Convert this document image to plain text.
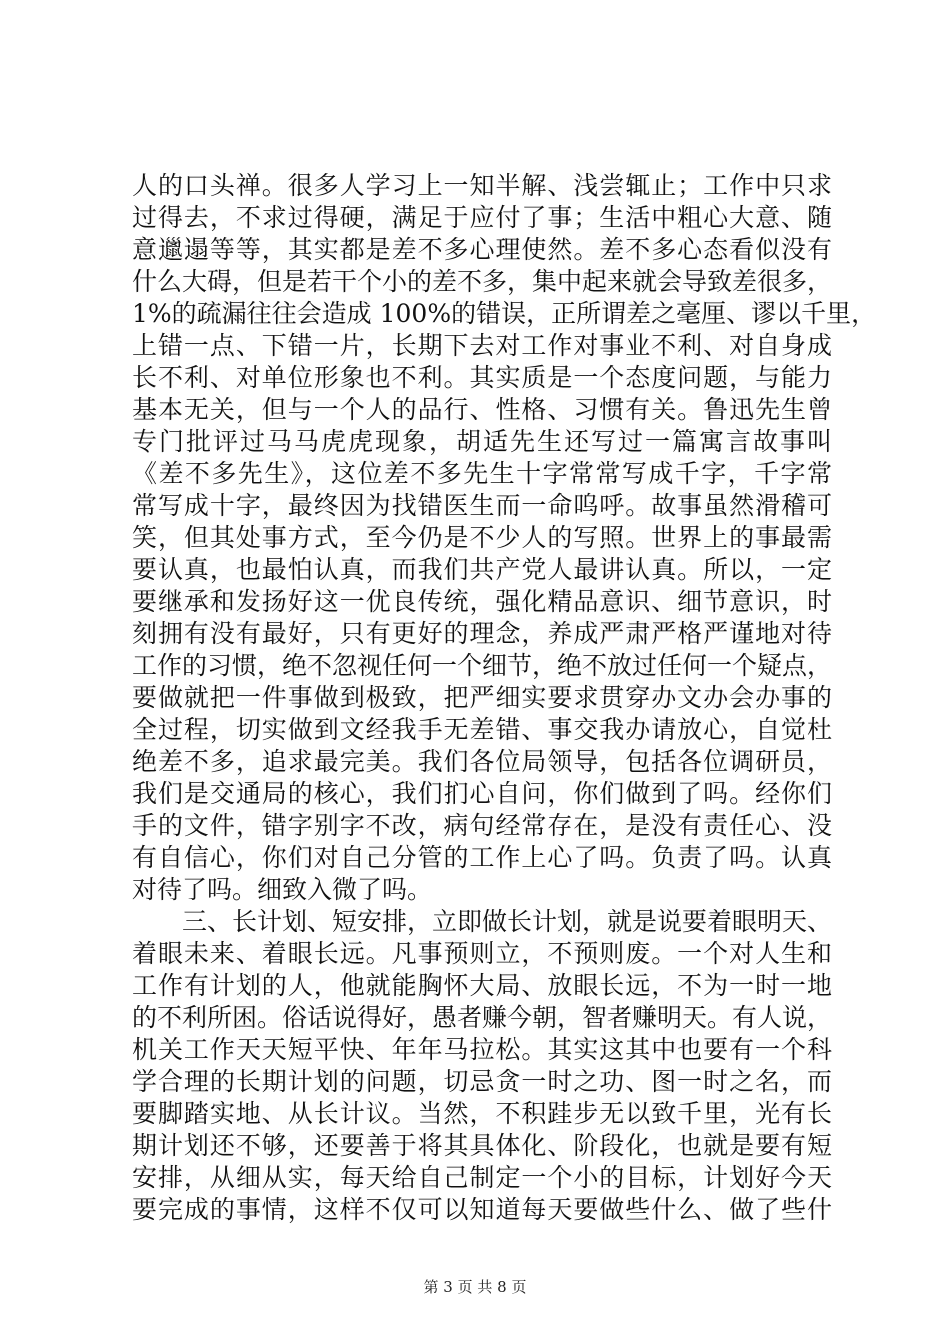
人的口头禅。很多人学习上一知半解、浅尝辄止；工作中只求
过得去，不求过得硬，满足于应付了事；生活中粗心大意、随
意邋遢等等，其实都是差不多心理使然。差不多心态看似没有
什么大碍，但是若干个小的差不多，集中起来就会导致差很多，
1%的疏漏往往会造成 100%的错误，正所谓差之毫厘、谬以千里，
上错一点、下错一片，长期下去对工作对事业不利、对自身成
长不利、对单位形象也不利。其实质是一个态度问题，与能力
基本无关，但与一个人的品行、性格、习惯有关。鲁迅先生曾
专门批评过马马虎虎现象，胡适先生还写过一篇寓言故事叫
《差不多先生》，这位差不多先生十字常常写成千字，千字常
常写成十字，最终因为找错医生而一命呜呼。故事虽然滑稽可
笑，但其处事方式，至今仍是不少人的写照。世界上的事最需
要认真，也最怕认真，而我们共产党人最讲认真。所以，一定
要继承和发扬好这一优良传统，强化精品意识、细节意识，时
刻拥有没有最好，只有更好的理念，养成严肃严格严谨地对待
工作的习惯，绝不忽视任何一个细节，绝不放过任何一个疑点，
要做就把一件事做到极致，把严细实要求贯穿办文办会办事的
全过程，切实做到文经我手无差错、事交我办请放心，自觉杜
绝差不多，追求最完美。我们各位局领导，包括各位调研员，
我们是交通局的核心，我们扪心自问，你们做到了吗。经你们
手的文件，错字别字不改，病句经常存在，是没有责任心、没
有自信心，你们对自己分管的工作上心了吗。负责了吗。认真
对待了吗。细致入微了吗。
　　三、长计划、短安排，立即做长计划，就是说要着眼明天、
着眼未来、着眼长远。凡事预则立，不预则废。一个对人生和
工作有计划的人，他就能胸怀大局、放眼长远，不为一时一地
的不利所困。俗话说得好，愚者赚今朝，智者赚明天。有人说，
机关工作天天短平快、年年马拉松。其实这其中也要有一个科
学合理的长期计划的问题，切忌贪一时之功、图一时之名，而
要脚踏实地、从长计议。当然，不积跬步无以致千里，光有长
期计划还不够，还要善于将其具体化、阶段化，也就是要有短
安排，从细从实，每天给自己制定一个小的目标，计划好今天
要完成的事情，这样不仅可以知道每天要做些什么、做了些什
第 3 页 共 8 页
